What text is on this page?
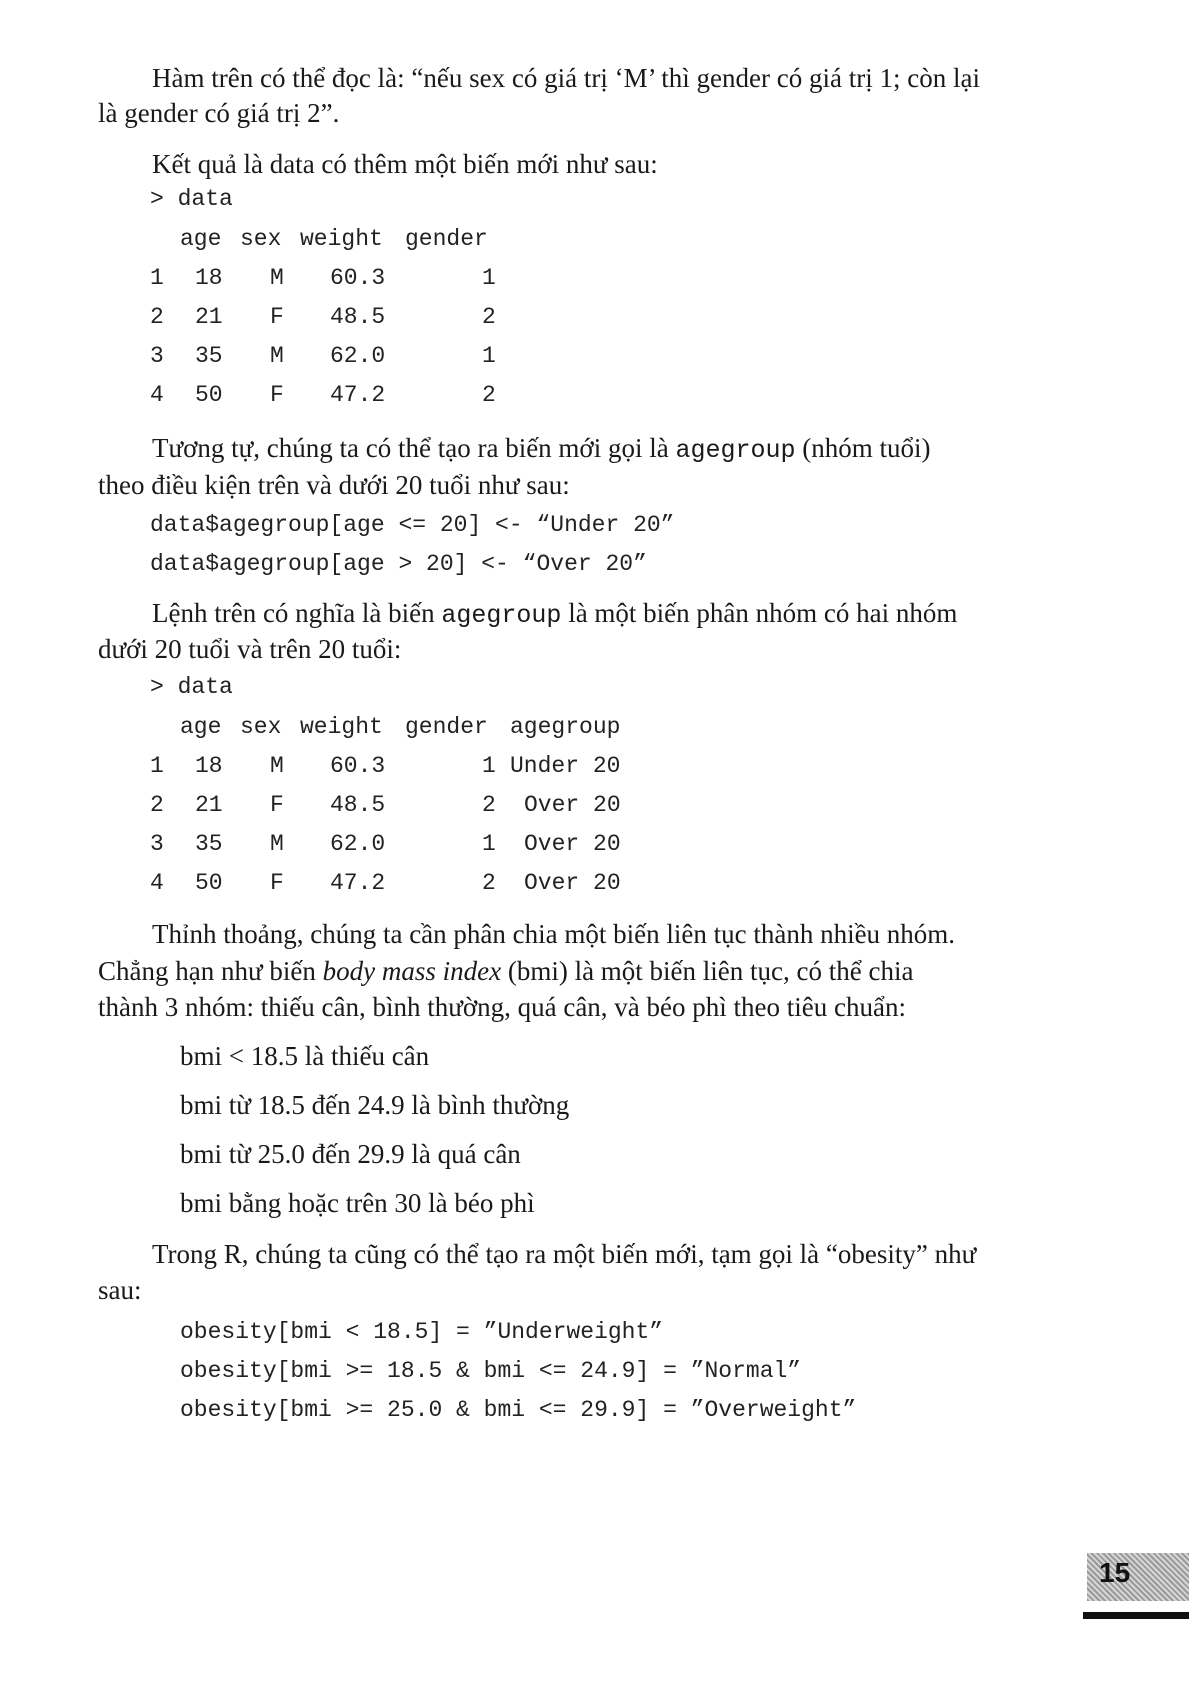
Hàm trên có thể đọc là: “nếu sex có giá trị ‘M’ thì gender có giá trị 1; còn lại
là gender có giá trị 2”.
Kết quả là data có thêm một biến mới như sau:
> data
age sex weight gender
1 18 M 60.3	1
2 21 F 48.5	2
3 35 M 62.0	1
4 50 F 47.2	2
Tương tự, chúng ta có thể tạo ra biến mới gọi là agegroup (nhóm tuổi)
theo điều kiện trên và dưới 20 tuổi như sau:
data$agegroup[age <= 20] <- “Under 20”
data$agegroup[age > 20] <- “Over 20”
Lệnh trên có nghĩa là biến agegroup là một biến phân nhóm có hai nhóm
dưới 20 tuổi và trên 20 tuổi:
> data
age sex weight gender agegroup
1 18 M 60.3	1 Under 20
2 21 F 48.5	2 Over 20
3 35 M 62.0	1 Over 20
4 50 F 47.2	2 Over 20
Thỉnh thoảng, chúng ta cần phân chia một biến liên tục thành nhiều nhóm.
Chẳng hạn như biến body mass index (bmi) là một biến liên tục, có thể chia
thành 3 nhóm: thiếu cân, bình thường, quá cân, và béo phì theo tiêu chuẩn:
bmi < 18.5 là thiếu cân
bmi từ 18.5 đến 24.9 là bình thường
bmi từ 25.0 đến 29.9 là quá cân
bmi bằng hoặc trên 30 là béo phì
Trong R, chúng ta cũng có thể tạo ra một biến mới, tạm gọi là “obesity” như
sau:
obesity[bmi < 18.5] = ”Underweight”
obesity[bmi >= 18.5 & bmi <= 24.9] = ”Normal”
obesity[bmi >= 25.0 & bmi <= 29.9] = ”Overweight”
15
